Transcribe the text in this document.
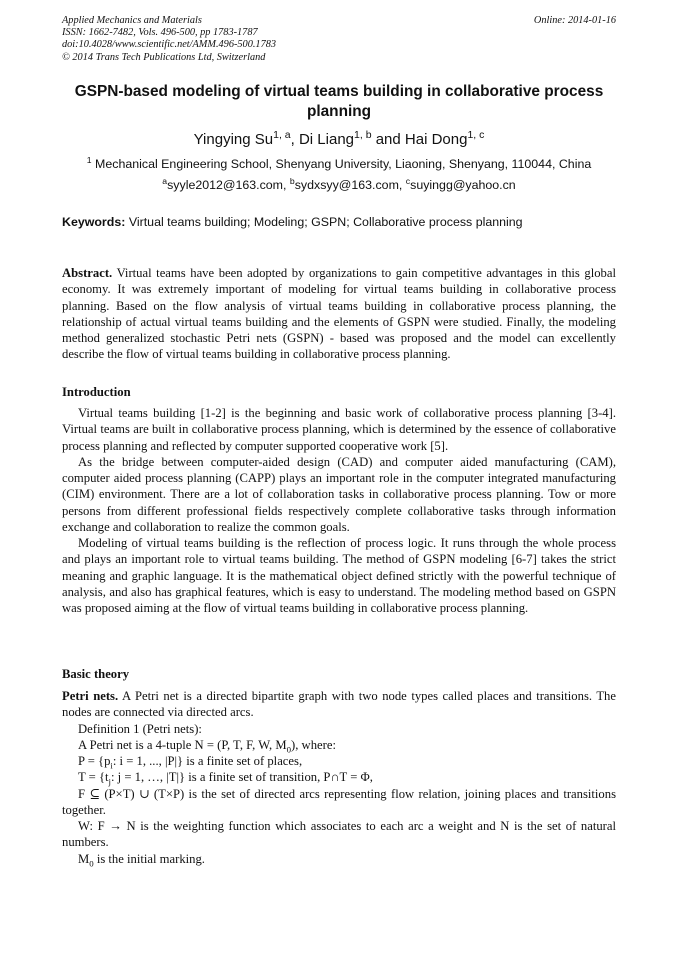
Applied Mechanics and Materials
ISSN: 1662-7482, Vols. 496-500, pp 1783-1787
doi:10.4028/www.scientific.net/AMM.496-500.1783
© 2014 Trans Tech Publications Ltd, Switzerland
Online: 2014-01-16
GSPN-based modeling of virtual teams building in collaborative process planning
Yingying Su$^{1, a}$, Di Liang$^{1, b}$ and Hai Dong$^{1, c}$
$^1$ Mechanical Engineering School, Shenyang University, Liaoning, Shenyang, 110044, China
$^a$syyle2012@163.com, $^b$sydxsyy@163.com, $^c$suyingg@yahoo.cn
Keywords: Virtual teams building; Modeling; GSPN; Collaborative process planning

Abstract. Virtual teams have been adopted by organizations to gain competitive advantages in this global economy. It was extremely important of modeling for virtual teams building in collaborative process planning. Based on the flow analysis of virtual teams building in collaborative process planning, the relationship of actual virtual teams building and the elements of GSPN were studied. Finally, the modeling method generalized stochastic Petri nets (GSPN) - based was proposed and the model can excellently describe the flow of virtual teams building in collaborative process planning.

Introduction

Virtual teams building [1-2] is the beginning and basic work of collaborative process planning [3-4]. Virtual teams are built in collaborative process planning, which is determined by the essence of collaborative process planning and reflected by computer supported cooperative work [5].

As the bridge between computer-aided design (CAD) and computer aided manufacturing (CAM), computer aided process planning (CAPP) plays an important role in the computer integrated manufacturing (CIM) environment. There are a lot of collaboration tasks in collaborative process planning. Tow or more persons from different professional fields respectively complete collaborative tasks through information exchange and collaboration to realize the common goals.

Modeling of virtual teams building is the reflection of process logic. It runs through the whole process and plays an important role to virtual teams building. The method of GSPN modeling [6-7] takes the strict meaning and graphic language. It is the mathematical object defined strictly with the powerful technique of analysis, and also has graphical features, which is easy to understand. The modeling method based on GSPN was proposed aiming at the flow of virtual teams building in collaborative process planning.

Basic theory

Petri nets. A Petri net is a directed bipartite graph with two node types called places and transitions. The nodes are connected via directed arcs.

Definition 1 (Petri nets):

A Petri net is a 4-tuple N = (P, T, F, W, $M_0$), where:

$P = \{p_i$: i = 1, ..., |P|} is a finite set of places,

$T = \{t_j$: j = 1, …, |T|} is a finite set of transition, P∩T = Φ,

F ⊆ (P×T) ∪ (T×P) is the set of directed arcs representing flow relation, joining places and transitions together.

W: F → N is the weighting function which associates to each arc a weight and N is the set of natural numbers.

$M_0$ is the initial marking.
